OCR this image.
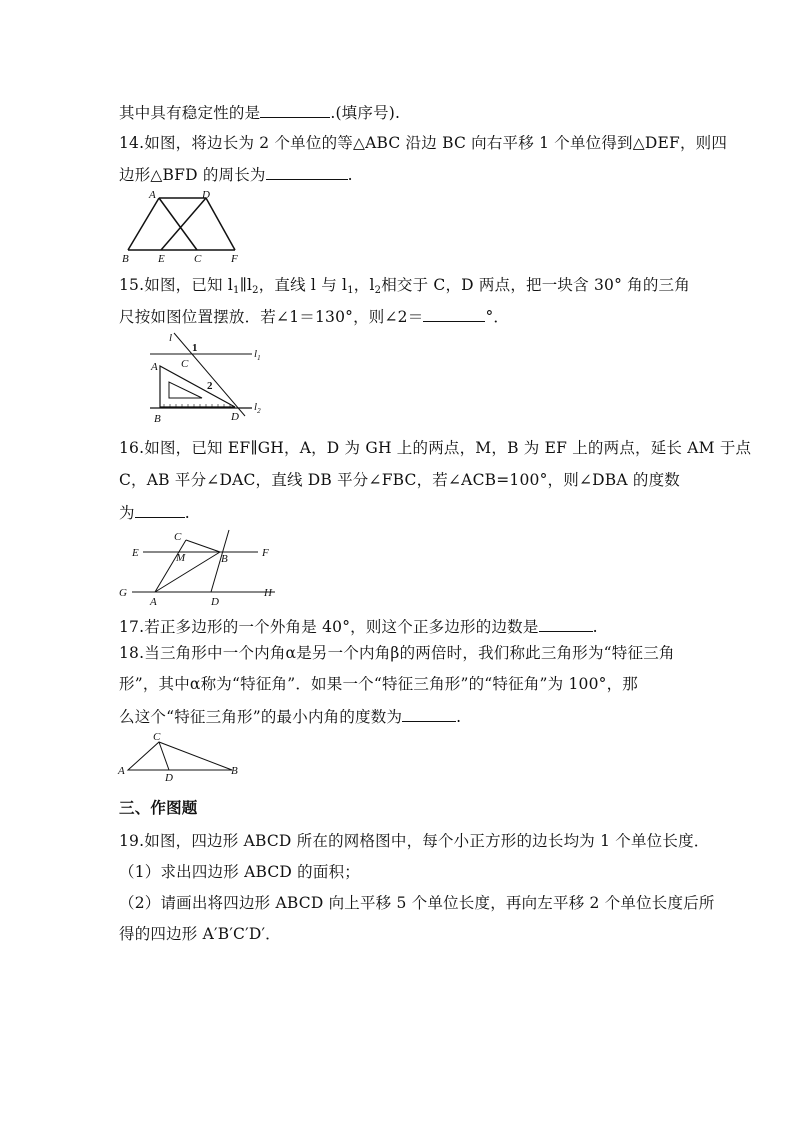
其中具有稳定性的是	.(填序号).
14.如图，将边长为 2 个单位的等△ABC 沿边 BC 向右平移 1 个单位得到△DEF，则四
边形△BFD 的周长为	.
A	D
B	E	C	F
15.如图，已知 $l_1\parallel l_2$，直线 l 与 $l_1$，$l_2$相交于 C，D 两点，把一块含 30° 角的三角
尺按如图位置摆放．若∠1＝130°，则∠2＝	°．
l
1
C
A
2
B	D
$l_1$
$l_2$
16.如图，已知 EF∥GH，A，D 为 GH 上的两点，M，B 为 EF 上的两点，延长 AM 于点
C，AB 平分∠DAC，直线 DB 平分∠FBC，若∠ACB=100°，则∠DBA 的度数
为	.
E
C
M	B	F
G
A	D
H
17.若正多边形的一个外角是 40°，则这个正多边形的边数是	.
18.当三角形中一个内角α是另一个内角β的两倍时，我们称此三角形为“特征三角
形”，其中α称为“特征角”．如果一个“特征三角形”的“特征角”为 100°，那
么这个“特征三角形”的最小内角的度数为	.
A
C
D
B
三、作图题
19.如图，四边形 ABCD 所在的网格图中，每个小正方形的边长均为 1 个单位长度．
（1）求出四边形 ABCD 的面积；
（2）请画出将四边形 ABCD 向上平移 5 个单位长度，再向左平移 2 个单位长度后所
得的四边形 A′B′C′D′．
